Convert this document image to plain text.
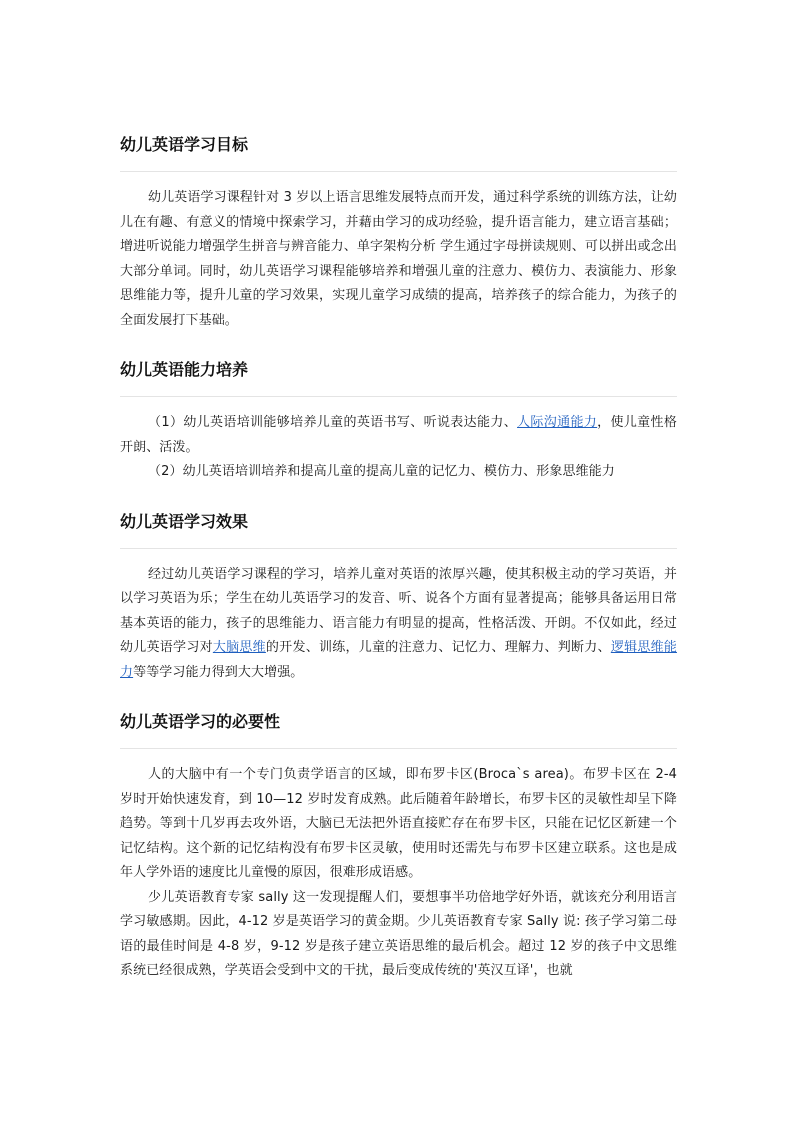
幼儿英语学习目标

幼儿英语学习课程针对 3 岁以上语言思维发展特点而开发，通过科学系统的训练方法，让幼儿在有趣、有意义的情境中探索学习，并藉由学习的成功经验，提升语言能力，建立语言基础；增进听说能力增强学生拼音与辨音能力、单字架构分析 学生通过字母拼读规则、可以拼出或念出大部分单词。同时，幼儿英语学习课程能够培养和增强儿童的注意力、模仿力、表演能力、形象思维能力等，提升儿童的学习效果，实现儿童学习成绩的提高，培养孩子的综合能力，为孩子的全面发展打下基础。

幼儿英语能力培养

（1）幼儿英语培训能够培养儿童的英语书写、听说表达能力、人际沟通能力，使儿童性格开朗、活泼。

（2）幼儿英语培训培养和提高儿童的提高儿童的记忆力、模仿力、形象思维能力

幼儿英语学习效果

经过幼儿英语学习课程的学习，培养儿童对英语的浓厚兴趣，使其积极主动的学习英语，并以学习英语为乐；学生在幼儿英语学习的发音、听、说各个方面有显著提高；能够具备运用日常基本英语的能力，孩子的思维能力、语言能力有明显的提高，性格活泼、开朗。不仅如此，经过幼儿英语学习对大脑思维的开发、训练，儿童的注意力、记忆力、理解力、判断力、逻辑思维能力等等学习能力得到大大增强。

幼儿英语学习的必要性

人的大脑中有一个专门负责学语言的区域，即布罗卡区(Broca`s area)。布罗卡区在 2-4 岁时开始快速发育，到 10—12 岁时发育成熟。此后随着年龄增长，布罗卡区的灵敏性却呈下降趋势。等到十几岁再去攻外语，大脑已无法把外语直接贮存在布罗卡区，只能在记忆区新建一个记忆结构。这个新的记忆结构没有布罗卡区灵敏，使用时还需先与布罗卡区建立联系。这也是成年人学外语的速度比儿童慢的原因，很难形成语感。

少儿英语教育专家 sally 这一发现提醒人们，要想事半功倍地学好外语，就该充分利用语言学习敏感期。因此，4-12 岁是英语学习的黄金期。少儿英语教育专家 Sally 说: 孩子学习第二母语的最佳时间是 4-8 岁，9-12 岁是孩子建立英语思维的最后机会。超过 12 岁的孩子中文思维系统已经很成熟，学英语会受到中文的干扰，最后变成传统的'英汉互译'，也就
